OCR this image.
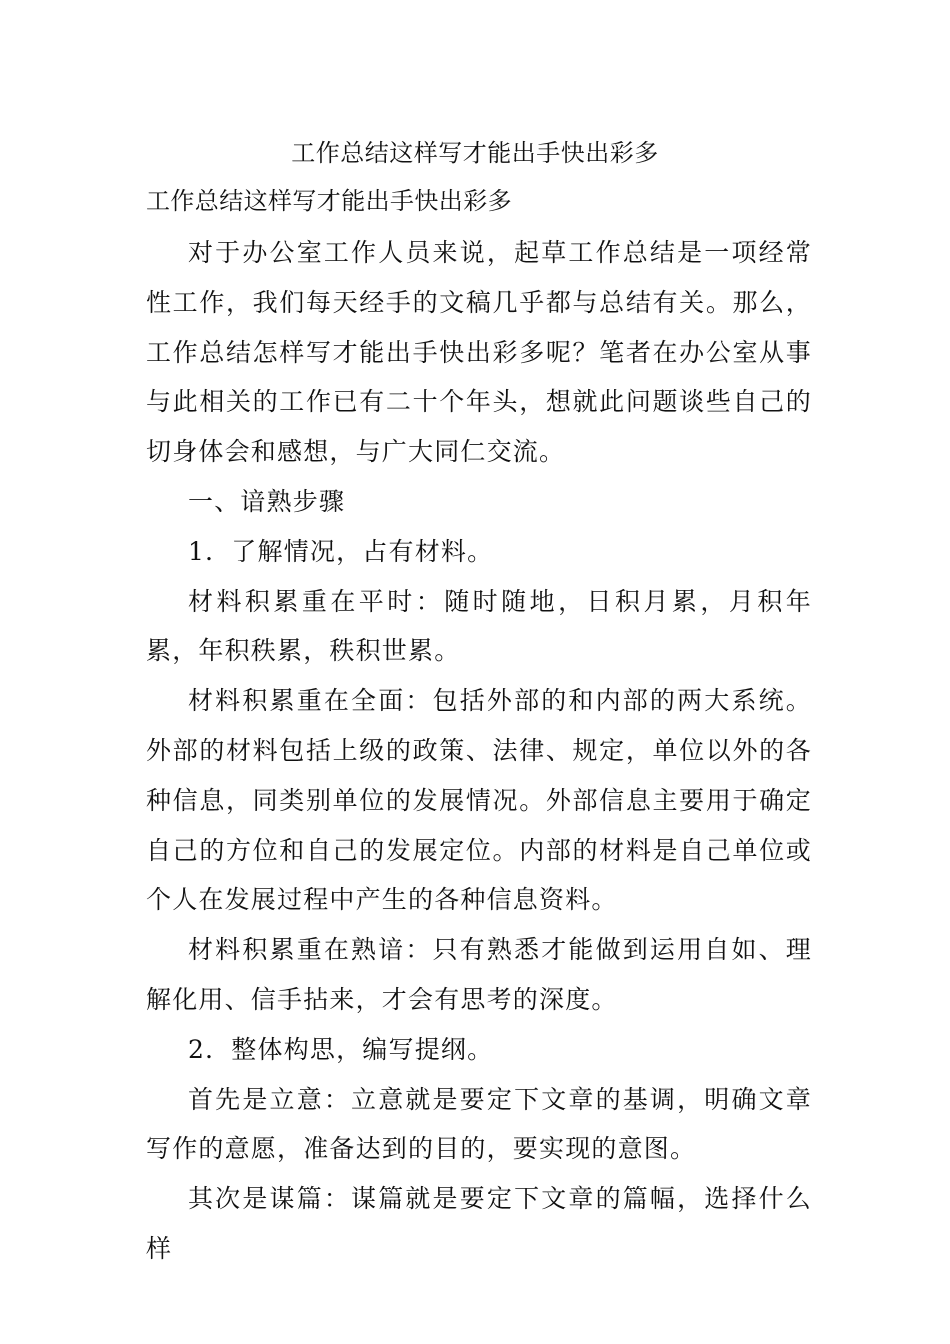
工作总结这样写才能出手快出彩多

工作总结这样写才能出手快出彩多

对于办公室工作人员来说，起草工作总结是一项经常性工作，我们每天经手的文稿几乎都与总结有关。那么，工作总结怎样写才能出手快出彩多呢？笔者在办公室从事与此相关的工作已有二十个年头，想就此问题谈些自己的切身体会和感想，与广大同仁交流。

一、谙熟步骤

1．了解情况，占有材料。

材料积累重在平时：随时随地，日积月累，月积年累，年积秩累，秩积世累。

材料积累重在全面：包括外部的和内部的两大系统。外部的材料包括上级的政策、法律、规定，单位以外的各种信息，同类别单位的发展情况。外部信息主要用于确定自己的方位和自己的发展定位。内部的材料是自己单位或个人在发展过程中产生的各种信息资料。

材料积累重在熟谙：只有熟悉才能做到运用自如、理解化用、信手拈来，才会有思考的深度。

2．整体构思，编写提纲。

首先是立意：立意就是要定下文章的基调，明确文章写作的意愿，准备达到的目的，要实现的意图。

其次是谋篇：谋篇就是要定下文章的篇幅，选择什么样
